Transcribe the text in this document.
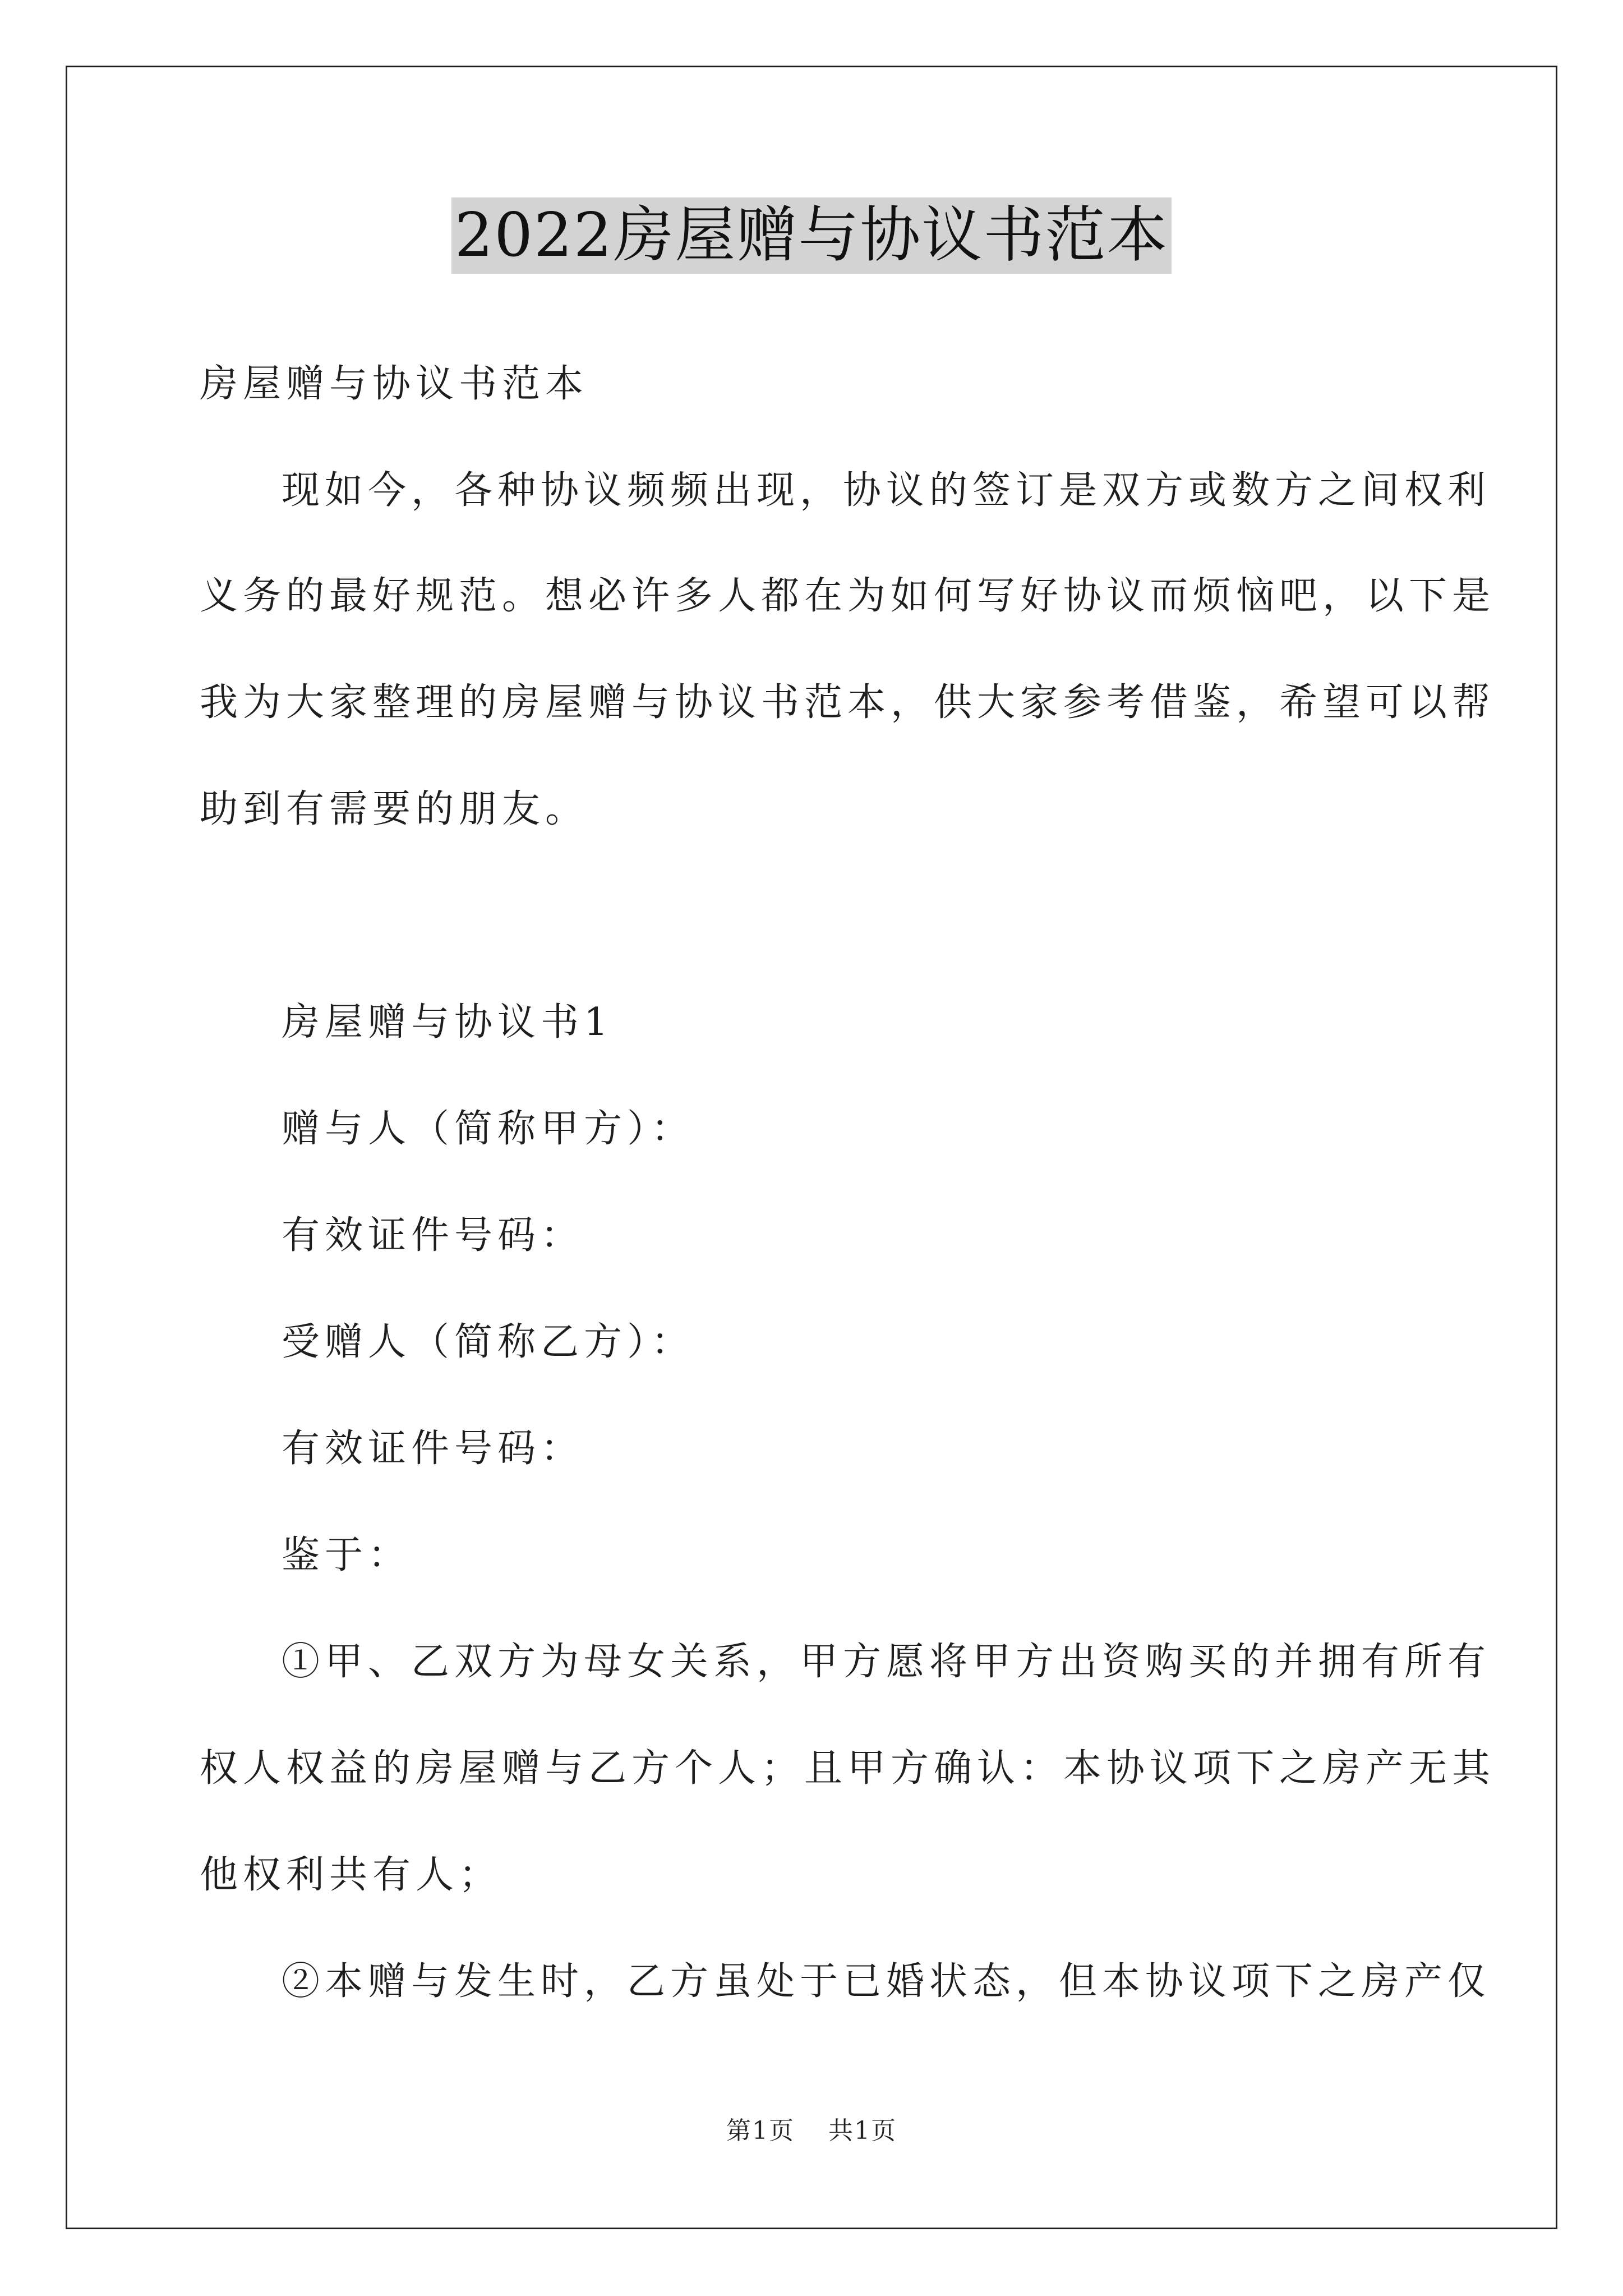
2022房屋赠与协议书范本
房屋赠与协议书范本
现如今，各种协议频频出现，协议的签订是双方或数方之间权利
义务的最好规范。想必许多人都在为如何写好协议而烦恼吧，以下是
我为大家整理的房屋赠与协议书范本，供大家参考借鉴，希望可以帮
助到有需要的朋友。
房屋赠与协议书1
赠与人（简称甲方）：
有效证件号码：
受赠人（简称乙方）：
有效证件号码：
鉴于：
①甲、乙双方为母女关系，甲方愿将甲方出资购买的并拥有所有
权人权益的房屋赠与乙方个人；且甲方确认：本协议项下之房产无其
他权利共有人；
②本赠与发生时，乙方虽处于已婚状态，但本协议项下之房产仅
第1页 共1页
